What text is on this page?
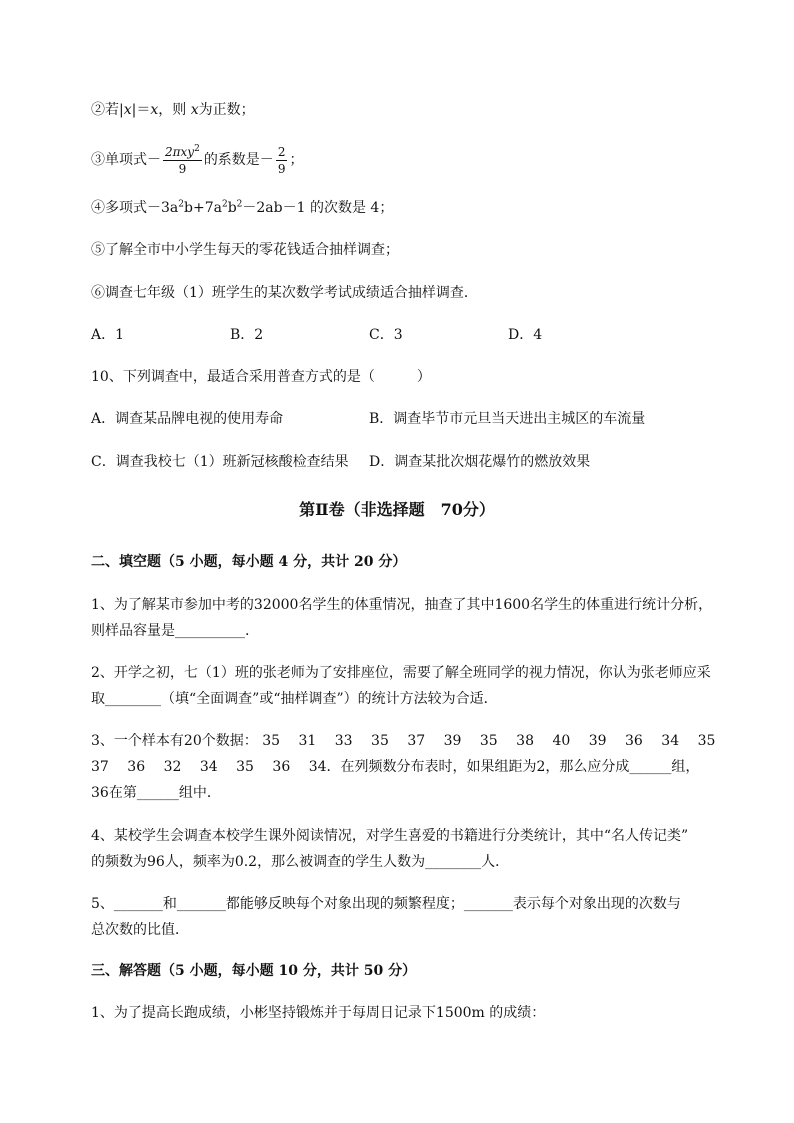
②若|x|＝x，则 x为正数；
③单项式－ $\frac{2\pi xy^2}{9}$ 的系数是－ $\frac{2}{9}$ ；
④多项式$-3a^2b+7a^2b^2-2ab-1$ 的次数是 4；
⑤了解全市中小学生每天的零花钱适合抽样调查；
⑥调查七年级（1）班学生的某次数学考试成绩适合抽样调查．
A．1	B．2	C．3	D．4
10、下列调查中，最适合采用普查方式的是（　　　）
A．调查某品牌电视的使用寿命	B．调查毕节市元旦当天进出主城区的车流量
C．调查我校七（1）班新冠核酸检查结果 D．调查某批次烟花爆竹的燃放效果
第Ⅱ卷（非选择题　70分）
二、填空题（5 小题，每小题 4 分，共计 20 分）
1、为了解某市参加中考的32000名学生的体重情况，抽查了其中1600名学生的体重进行统计分析，
则样品容量是__________.
2、开学之初，七（1）班的张老师为了安排座位，需要了解全班同学的视力情况，你认为张老师应采
取________（填“全面调查”或“抽样调查”）的统计方法较为合适．
3、一个样本有20个数据： 35 31 33 35 37 39 35 38 40 39 36 34 35
37 36 32 34 35 36 34．在列频数分布表时，如果组距为2，那么应分成______组，
36在第______组中．
4、某校学生会调查本校学生课外阅读情况，对学生喜爱的书籍进行分类统计，其中“名人传记类”
的频数为96人，频率为0.2，那么被调查的学生人数为________人．
5、_______和_______都能够反映每个对象出现的频繁程度；_______表示每个对象出现的次数与
总次数的比值．
三、解答题（5 小题，每小题 10 分，共计 50 分）
1、为了提高长跑成绩，小彬坚持锻炼并于每周日记录下1500m 的成绩：
